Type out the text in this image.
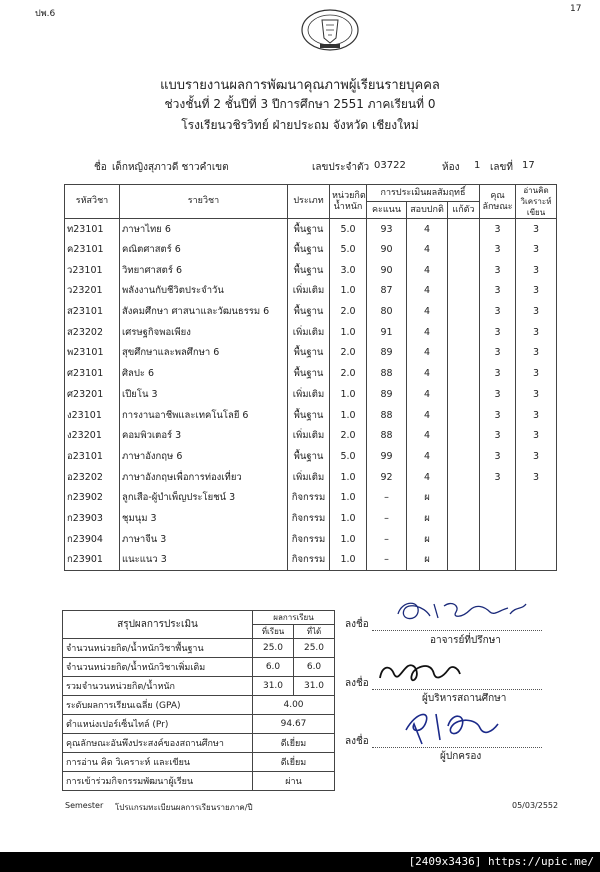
ปพ.6	17
แบบรายงานผลการพัฒนาคุณภาพผู้เรียนรายบุคคล
ช่วงชั้นที่ 2 ชั้นปีที่ 3 ปีการศึกษา 2551 ภาคเรียนที่ 0
โรงเรียนวชิรวิทย์ ฝ่ายประถม จังหวัด เชียงใหม่
ชื่อ เด็กหญิงสุภาวดี ชาวคำเขต	เลขประจำตัว 03722	ห้อง 1 เลขที่ 17
รหัสวิชา	รายวิชา	ประเภท	หน่วยกิต น้ำหนัก	การประเมินผลสัมฤทธิ์			คุณ ลักษณะ	อ่านคิด วิเคราะห์เขียน
				คะแนน	สอบปกติ	แก้ตัว		
ท23101	ภาษาไทย 6	พื้นฐาน	5.0	93	4		3	3
ค23101	คณิตศาสตร์ 6	พื้นฐาน	5.0	90	4		3	3
ว23101	วิทยาศาสตร์ 6	พื้นฐาน	3.0	90	4		3	3
ว23201	พลังงานกับชีวิตประจำวัน	เพิ่มเติม	1.0	87	4		3	3
ส23101	สังคมศึกษา ศาสนาและวัฒนธรรม 6	พื้นฐาน	2.0	80	4		3	3
ส23202	เศรษฐกิจพอเพียง	เพิ่มเติม	1.0	91	4		3	3
พ23101	สุขศึกษาและพลศึกษา 6	พื้นฐาน	2.0	89	4		3	3
ศ23101	ศิลปะ 6	พื้นฐาน	2.0	88	4		3	3
ศ23201	เปียโน 3	เพิ่มเติม	1.0	89	4		3	3
ง23101	การงานอาชีพและเทคโนโลยี 6	พื้นฐาน	1.0	88	4		3	3
ง23201	คอมพิวเตอร์ 3	เพิ่มเติม	2.0	88	4		3	3
อ23101	ภาษาอังกฤษ 6	พื้นฐาน	5.0	99	4		3	3
อ23202	ภาษาอังกฤษเพื่อการท่องเที่ยว	เพิ่มเติม	1.0	92	4		3	3
ก23902	ลูกเสือ-ผู้บำเพ็ญประโยชน์ 3	กิจกรรม	1.0	–	ผ			
ก23903	ชุมนุม 3	กิจกรรม	1.0	–	ผ			
ก23904	ภาษาจีน 3	กิจกรรม	1.0	–	ผ			
ก23901	แนะแนว 3	กิจกรรม	1.0	–	ผ			
สรุปผลการประเมิน	ผลการเรียน	
	ที่เรียน	ที่ได้
จำนวนหน่วยกิต/น้ำหนักวิชาพื้นฐาน	25.0	25.0
จำนวนหน่วยกิต/น้ำหนักวิชาเพิ่มเติม	6.0	6.0
รวมจำนวนหน่วยกิต/น้ำหนัก	31.0	31.0
ระดับผลการเรียนเฉลี่ย (GPA)	4.00	
ตำแหน่งเปอร์เซ็นไทล์ (Pr)	94.67	
คุณลักษณะอันพึงประสงค์ของสถานศึกษา	ดีเยี่ยม	
การอ่าน คิด วิเคราะห์ และเขียน	ดีเยี่ยม	
การเข้าร่วมกิจกรรมพัฒนาผู้เรียน	ผ่าน	
ลงชื่อ
อาจารย์ที่ปรึกษา
ลงชื่อ
ผู้บริหารสถานศึกษา
ลงชื่อ
ผู้ปกครอง
Semester โปรแกรมทะเบียนผลการเรียนรายภาค/ปี	05/03/2552
[2409x3436] https://upic.me/
